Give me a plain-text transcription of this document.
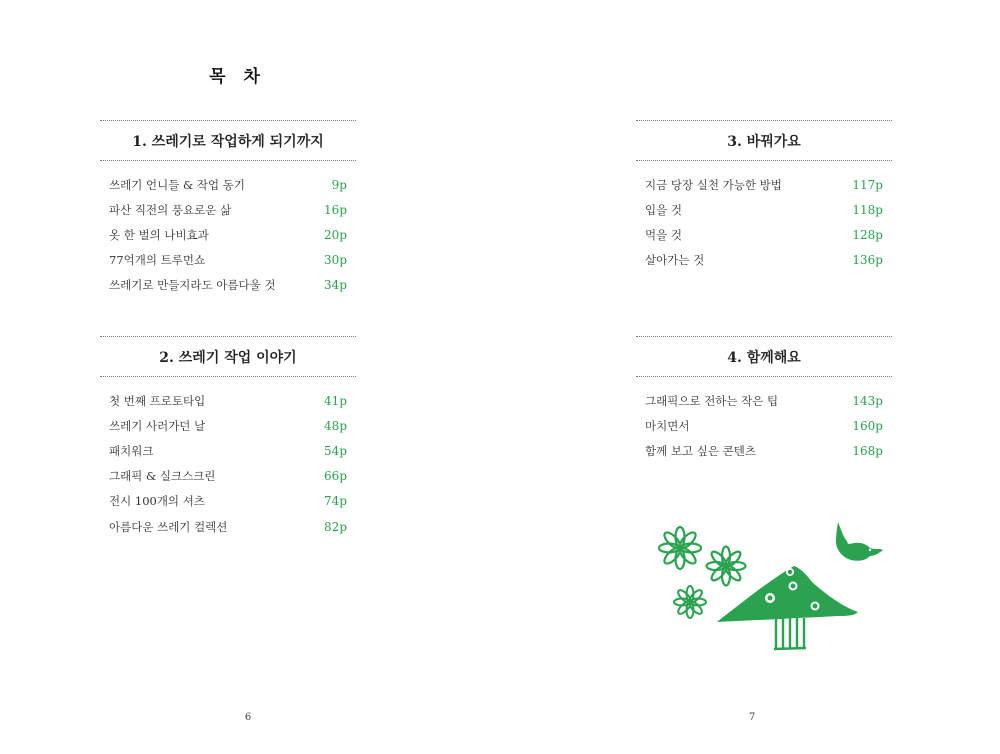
목 차
1. 쓰레기로 작업하게 되기까지
쓰레기 언니들 & 작업 동기	9p
파산 직전의 풍요로운 삶	16p
옷 한 벌의 나비효과	20p
77억개의 트루먼쇼	30p
쓰레기로 만들지라도 아름다울 것	34p
2. 쓰레기 작업 이야기
첫 번째 프로토타입	41p
쓰레기 사러가던 날	48p
패치워크	54p
그래픽 & 실크스크린	66p
전시 100개의 셔츠	74p
아름다운 쓰레기 컬렉션	82p
3. 바꿔가요
지금 당장 실천 가능한 방법	117p
입을 것	118p
먹을 것	128p
살아가는 것	136p
4. 함께해요
그래픽으로 전하는 작은 팁	143p
마치면서	160p
함께 보고 싶은 콘텐츠	168p
6	7
